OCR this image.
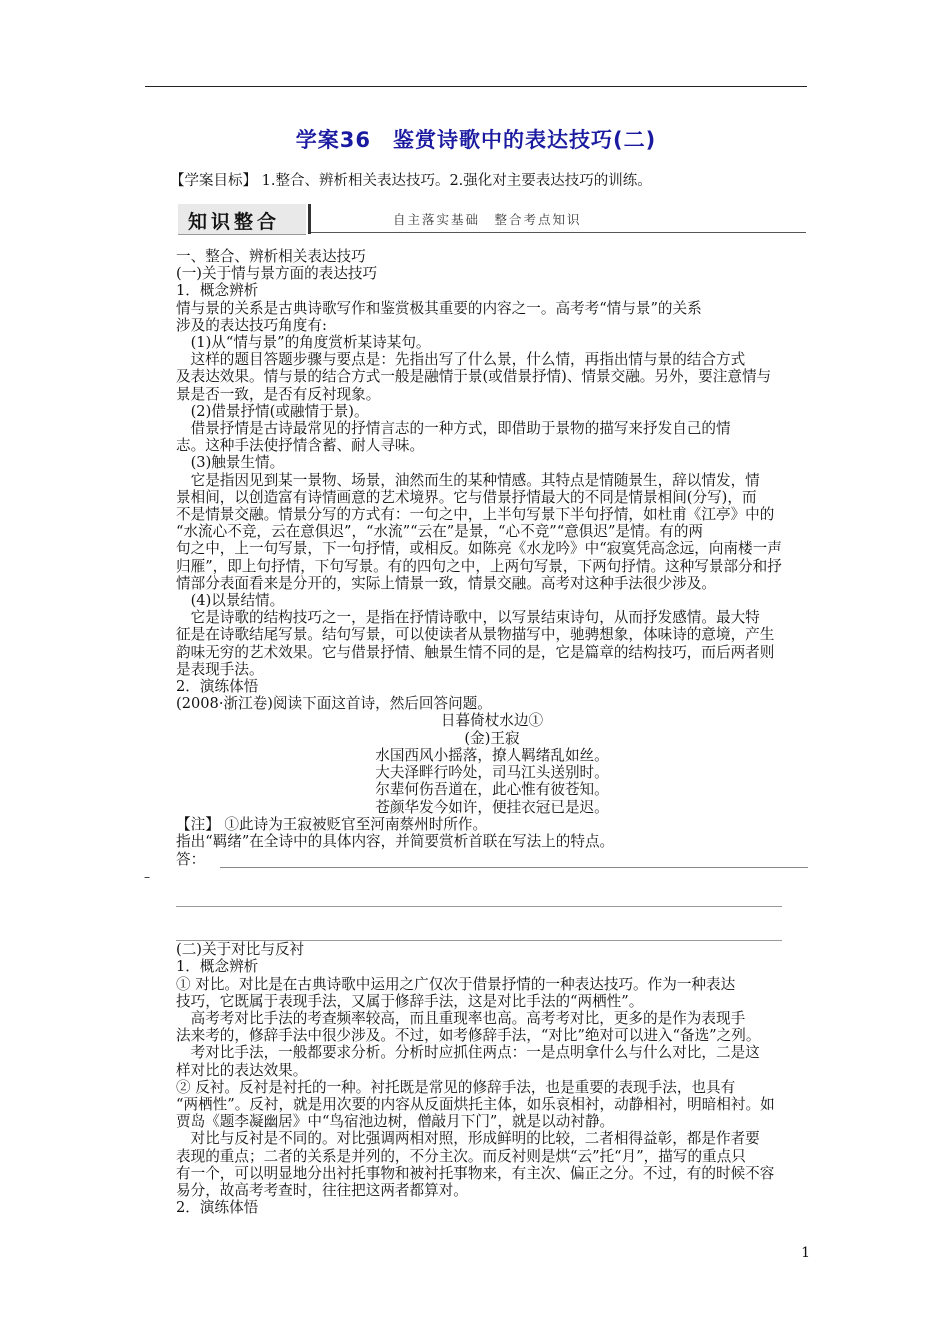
学案36　鉴赏诗歌中的表达技巧(二)
【学案目标】 1.整合、辨析相关表达技巧。2.强化对主要表达技巧的训练。
知识整合	自主落实基础　整合考点知识

一、整合、辨析相关表达技巧

(一)关于情与景方面的表达技巧

1．概念辨析

情与景的关系是古典诗歌写作和鉴赏极其重要的内容之一。高考考“情与景”的关系

涉及的表达技巧角度有:

　(1)从“情与景”的角度赏析某诗某句。

　这样的题目答题步骤与要点是：先指出写了什么景，什么情，再指出情与景的结合方式

及表达效果。情与景的结合方式一般是融情于景(或借景抒情)、情景交融。另外，要注意情与

景是否一致，是否有反衬现象。

　(2)借景抒情(或融情于景)。

　借景抒情是古诗最常见的抒情言志的一种方式，即借助于景物的描写来抒发自己的情

志。这种手法使抒情含蓄、耐人寻味。

　(3)触景生情。

　它是指因见到某一景物、场景，油然而生的某种情感。其特点是情随景生，辞以情发，情

景相间，以创造富有诗情画意的艺术境界。它与借景抒情最大的不同是情景相间(分写)，而

不是情景交融。情景分写的方式有：一句之中，上半句写景下半句抒情，如杜甫《江亭》中的

“水流心不竞，云在意俱迟”，“水流”“云在”是景，“心不竞”“意俱迟”是情。有的两

句之中，上一句写景，下一句抒情，或相反。如陈亮《水龙吟》中“寂寞凭高念远，向南楼一声

归雁”，即上句抒情，下句写景。有的四句之中，上两句写景，下两句抒情。这种写景部分和抒

情部分表面看来是分开的，实际上情景一致，情景交融。高考对这种手法很少涉及。

　(4)以景结情。

　它是诗歌的结构技巧之一，是指在抒情诗歌中，以写景结束诗句，从而抒发感情。最大特

征是在诗歌结尾写景。结句写景，可以使读者从景物描写中，驰骋想象，体味诗的意境，产生

韵味无穷的艺术效果。它与借景抒情、触景生情不同的是，它是篇章的结构技巧，而后两者则

是表现手法。

2．演练体悟

(2008·浙江卷)阅读下面这首诗，然后回答问题。

日暮倚杖水边①

(金)王寂

水国西风小摇落，撩人羁绪乱如丝。

大夫泽畔行吟处，司马江头送别时。

尔辈何伤吾道在，此心惟有彼苍知。

苍颜华发今如许，便挂衣冠已是迟。

【注】 ①此诗为王寂被贬官至河南蔡州时所作。

指出“羁绪”在全诗中的具体内容，并简要赏析首联在写法上的特点。

答：

(二)关于对比与反衬

1．概念辨析

① 对比。对比是在古典诗歌中运用之广仅次于借景抒情的一种表达技巧。作为一种表达

技巧，它既属于表现手法，又属于修辞手法，这是对比手法的“两栖性”。

　高考考对比手法的考查频率较高，而且重现率也高。高考考对比，更多的是作为表现手

法来考的，修辞手法中很少涉及。不过，如考修辞手法，“对比”绝对可以进入“备选”之列。

　考对比手法，一般都要求分析。分析时应抓住两点：一是点明拿什么与什么对比，二是这

样对比的表达效果。

② 反衬。反衬是衬托的一种。衬托既是常见的修辞手法，也是重要的表现手法，也具有

“两栖性”。反衬，就是用次要的内容从反面烘托主体，如乐哀相衬，动静相衬，明暗相衬。如

贾岛《题李凝幽居》中“鸟宿池边树，僧敲月下门”，就是以动衬静。

　对比与反衬是不同的。对比强调两相对照，形成鲜明的比较，二者相得益彰，都是作者要

表现的重点；二者的关系是并列的，不分主次。而反衬则是烘“云”托“月”，描写的重点只

有一个，可以明显地分出衬托事物和被衬托事物来，有主次、偏正之分。不过，有的时候不容

易分，故高考考查时，往往把这两者都算对。

2．演练体悟

–
1
